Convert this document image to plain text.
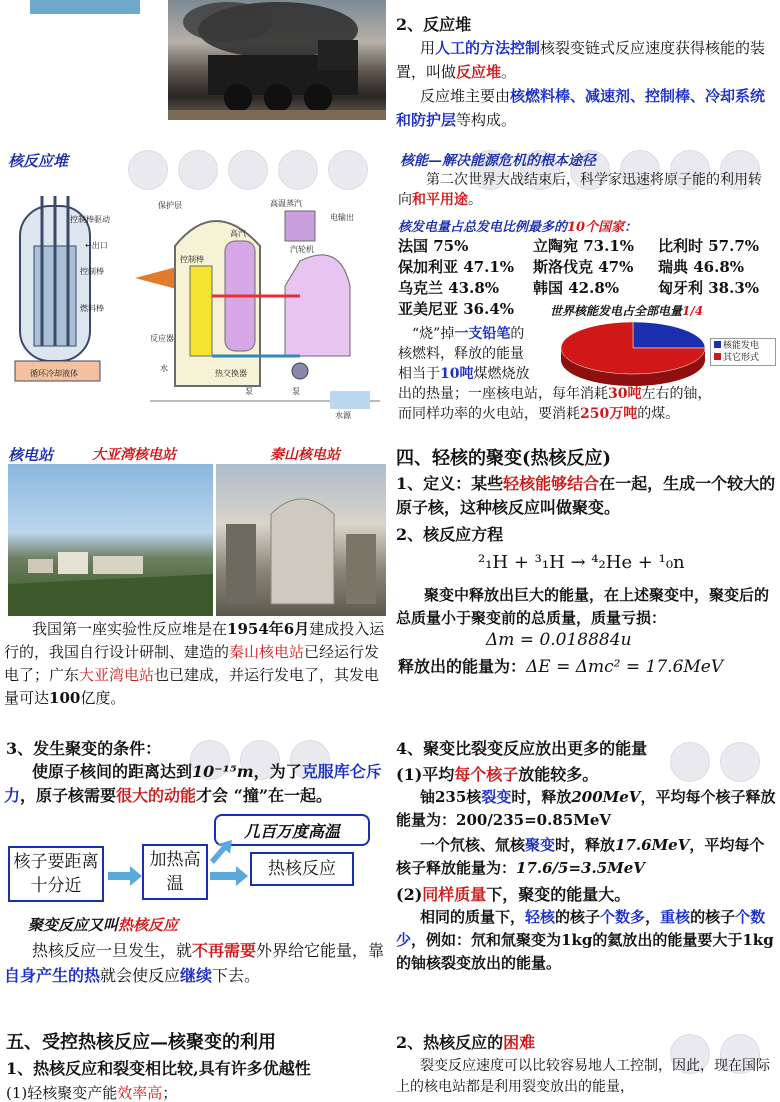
2、反应堆
用人工的方法控制核裂变链式反应速度获得核能的装置，叫做反应堆。
反应堆主要由核燃料棒、减速剂、控制棒、冷却系统和防护层等构成。
核反应堆
控制棒驱动
←出口
控制棒
燃料棒
循环冷却液体
保护层
控制棒
高汽
高温蒸汽
汽轮机
电输出
反应器
水
热交换器
泵	泵
水源
核能—解决能源危机的根本途径
第二次世界大战结束后，科学家迅速将原子能的利用转向和平用途。
核发电量占总发电比例最多的10个国家：
法国 75%	立陶宛 73.1% 比利时 57.7%
保加利亚 47.1% 斯洛伐克 47% 瑞典 46.8%
乌克兰 43.8% 韩国 42.8%	匈牙利 38.3%
亚美尼亚 36.4%	世界核能发电占全部电量1/4
核能发电
其它形式
“烧”掉一支铅笔的
核燃料，释放的能量
相当于10吨煤燃烧放
出的热量；一座核电站，每年消耗30吨左右的铀，
而同样功率的火电站，要消耗250万吨的煤。
核电站	大亚湾核电站	秦山核电站
我国第一座实验性反应堆是在1954年6月建成投入运行的，我国自行设计研制、建造的秦山核电站已经运行发电了；广东大亚湾电站也已建成，并运行发电了，其发电量可达100亿度。
四、轻核的聚变(热核反应)
1、定义：某些轻核能够结合在一起，生成一个较大的原子核，这种核反应叫做聚变。
2、核反应方程
²₁H + ³₁H → ⁴₂He + ¹₀n
聚变中释放出巨大的能量，在上述聚变中，聚变后的总质量小于聚变前的总质量，质量亏损：
Δm = 0.018884u
释放出的能量为：ΔE = Δmc² = 17.6MeV
3、发生聚变的条件：
使原子核间的距离达到10⁻¹⁵m，为了克服库仑斥力，原子核需要很大的动能才会 “撞”在一起。
几百万度高温
核子要距离十分近
加热高温
热核反应
聚变反应又叫热核反应
热核反应一旦发生，就不再需要外界给它能量，靠自身产生的热就会使反应继续下去。
4、聚变比裂变反应放出更多的能量
(1)平均每个核子放能较多。
铀235核裂变时，释放200MeV，平均每个核子释放能量为：200/235=0.85MeV
一个氘核、氚核聚变时，释放17.6MeV，平均每个核子释放能量为：17.6/5=3.5MeV
(2)同样质量下，聚变的能量大。
相同的质量下，轻核的核子个数多，重核的核子个数少，例如：氘和氚聚变为1kg的氦放出的能量要大于1kg的铀核裂变放出的能量。
五、受控热核反应—核聚变的利用
1、热核反应和裂变相比较,具有许多优越性
(1)轻核聚变产能效率高；
2、热核反应的困难
裂变反应速度可以比较容易地人工控制，因此，现在国际上的核电站都是利用裂变放出的能量，
